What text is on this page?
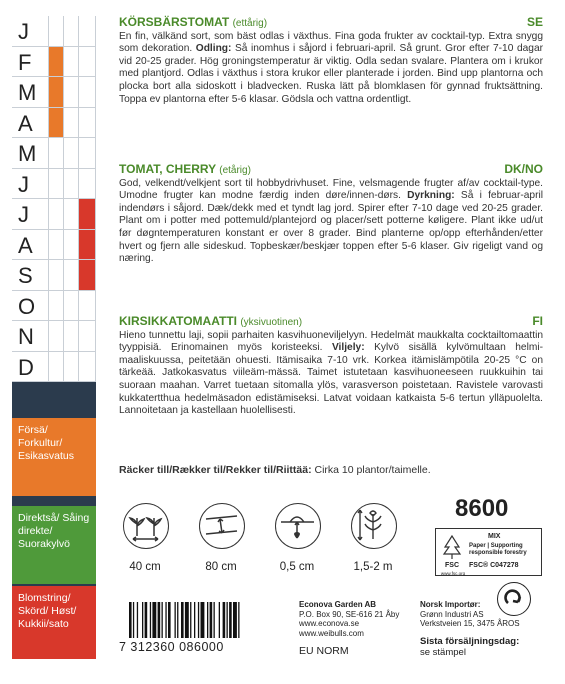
J
F
M
A
M
J
J
A
S
O
N
D
Försä/ Forkultur/ Esikasvatus
Direktså/ Såing direkte/ Suorakylvö
Blomstring/ Skörd/ Høst/ Kukkii/sato
KÖRSBÄRSTOMAT (ettårig)	SE
En fin, välkänd sort, som bäst odlas i växthus. Fina goda frukter av cocktail-typ. Extra snygg som dekoration. Odling: Så inomhus i såjord i februari-april. Så grunt. Gror efter 7-10 dagar vid 20-25 grader. Hög groningstemperatur är viktig. Odla sedan svalare. Plantera om i krukor med plantjord. Odlas i växthus i stora krukor eller planterade i jorden. Bind upp plantorna och plocka bort alla sidoskott i bladvecken. Ruska lätt på blomklasen för gynnad fruktsättning. Toppa ev plantorna efter 5-6 klasar. Gödsla och vattna ordentligt.
TOMAT, CHERRY (etårig)	DK/NO
God, velkendt/velkjent sort til hobbydrivhuset. Fine, velsmagende frugter af/av cocktail-type. Umodne frugter kan modne færdig inden døre/innen-dørs. Dyrkning: Så i februar-april indendørs i såjord. Dæk/dekk med et tyndt lag jord. Spirer efter 7-10 dage ved 20-25 grader. Plant om i potter med pottemuld/plantejord og placer/sett potterne køligere. Plant ikke ud/ut før døgntemperaturen konstant er over 8 grader. Bind planterne op/opp efterhånden/etter hvert og fjern alle sideskud. Topbeskær/beskjær toppen efter 5-6 klaser. Giv rigeligt vand og næring.
KIRSIKKATOMAATTI (yksivuotinen)	FI
Hieno tunnettu laji, sopii parhaiten kasvihuoneviljelyyn. Hedelmät maukkalta cocktailtomaattin tyyppisiä. Erinomainen myös koristeeksi. Viljely: Kylvö sisällä kylvömultaan helmi-maaliskuussa, peitetään ohuesti. Itämisaika 7-10 vrk. Korkea itämislämpötila 20-25 °C on tärkeää. Jatkokasvatus viileäm-mässä. Taimet istutetaan kasvihuoneeseen ruukkuihin tai suoraan maahan. Varret tuetaan sitomalla ylös, varasverson poistetaan. Ravistele varovasti kukkatertthua hedelmäsadon edistämiseksi. Latvat voidaan katkaista 5-6 tertun ylläpuolelta. Lannoitetaan ja kastellaan huolellisesti.
Räcker till/Rækker til/Rekker til/Riittää: Cirka 10 plantor/taimelle.
40 cm	80 cm	0,5 cm	1,5-2 m
8600
FSC
www.fsc.org
MIX
Paper | Supporting
responsible forestry
FSC® C047278
7 312360 086000
Econova Garden AB
P.O. Box 90, SE-616 21 Åby
www.econova.se
www.weibulls.com
EU NORM
Norsk Importør:
Grønn Industri AS
Verkstveien 15, 3475 ÅROS
Sista försäljningsdag:
se stämpel
